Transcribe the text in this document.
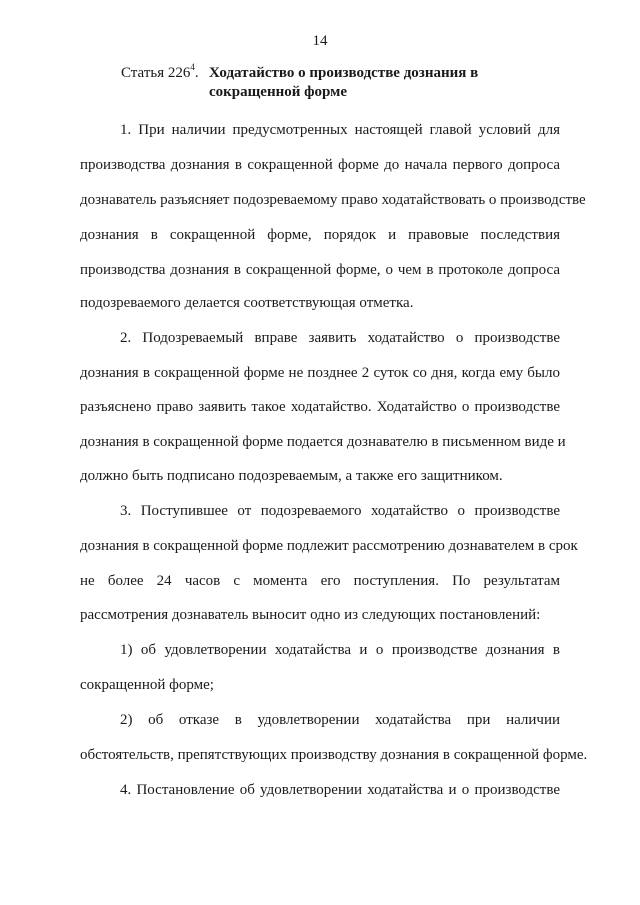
14
Статья $226^4$. Ходатайство о производстве дознания в
сокращенной форме
1. При наличии предусмотренных настоящей главой условий для
производства дознания в сокращенной форме до начала первого допроса
дознаватель разъясняет подозреваемому право ходатайствовать о производстве
дознания в сокращенной форме, порядок и правовые последствия
производства дознания в сокращенной форме, о чем в протоколе допроса
подозреваемого делается соответствующая отметка.
2. Подозреваемый вправе заявить ходатайство о производстве
дознания в сокращенной форме не позднее 2 суток со дня, когда ему было
разъяснено право заявить такое ходатайство. Ходатайство о производстве
дознания в сокращенной форме подается дознавателю в письменном виде и
должно быть подписано подозреваемым, а также его защитником.
3. Поступившее от подозреваемого ходатайство о производстве
дознания в сокращенной форме подлежит рассмотрению дознавателем в срок
не более 24 часов с момента его поступления. По результатам
рассмотрения дознаватель выносит одно из следующих постановлений:
1) об удовлетворении ходатайства и о производстве дознания в
сокращенной форме;
2) об отказе в удовлетворении ходатайства при наличии
обстоятельств, препятствующих производству дознания в сокращенной форме.
4. Постановление об удовлетворении ходатайства и о производстве
